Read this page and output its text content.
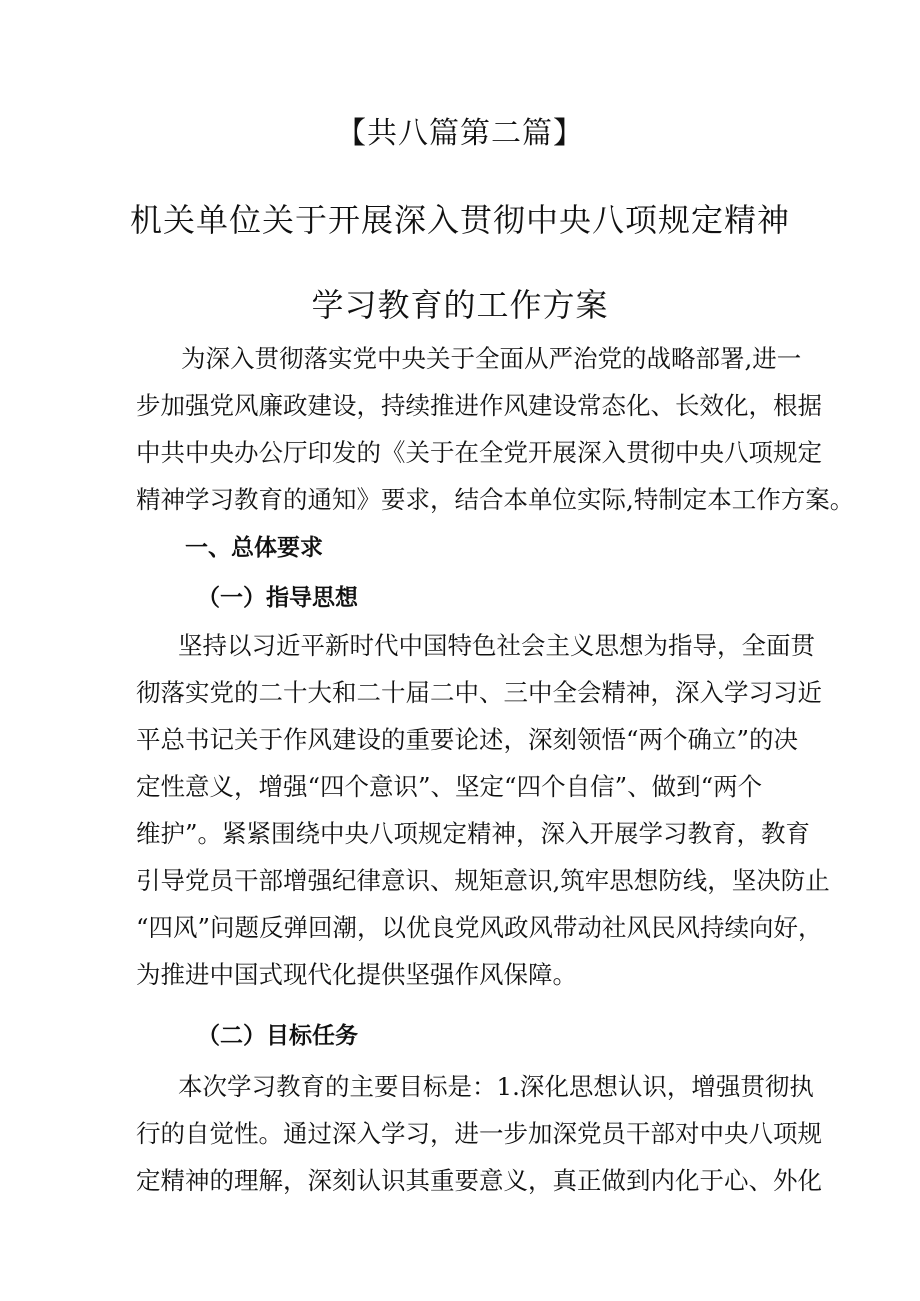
【共八篇第二篇】
机关单位关于开展深入贯彻中央八项规定精神
学习教育的工作方案
为深入贯彻落实党中央关于全面从严治党的战略部署,进一
步加强党风廉政建设，持续推进作风建设常态化、长效化，根据
中共中央办公厅印发的《关于在全党开展深入贯彻中央八项规定
精神学习教育的通知》要求，结合本单位实际,特制定本工作方案。
一、总体要求
（一）指导思想
坚持以习近平新时代中国特色社会主义思想为指导，全面贯
彻落实党的二十大和二十届二中、三中全会精神，深入学习习近
平总书记关于作风建设的重要论述，深刻领悟“两个确立”的决
定性意义，增强“四个意识”、坚定“四个自信”、做到“两个
维护”。紧紧围绕中央八项规定精神，深入开展学习教育，教育
引导党员干部增强纪律意识、规矩意识,筑牢思想防线，坚决防止
“四风”问题反弹回潮，以优良党风政风带动社风民风持续向好，
为推进中国式现代化提供坚强作风保障。
（二）目标任务
本次学习教育的主要目标是：1.深化思想认识，增强贯彻执
行的自觉性。通过深入学习，进一步加深党员干部对中央八项规
定精神的理解，深刻认识其重要意义，真正做到内化于心、外化
